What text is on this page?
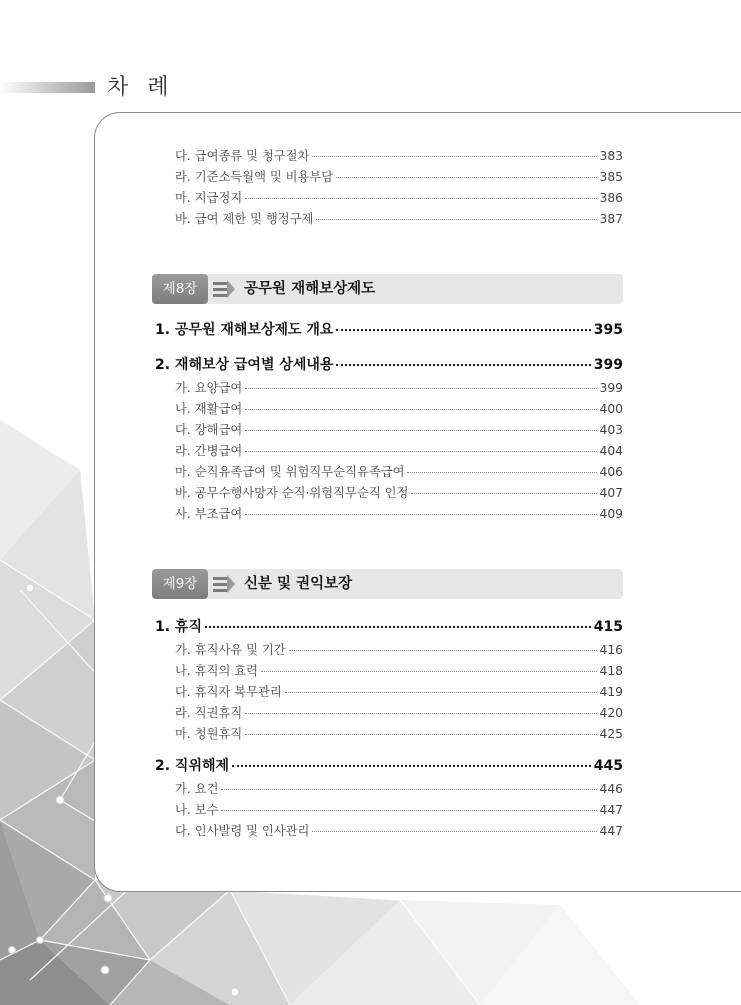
차 례
다. 급여종류 및 청구절차	383
라. 기준소득월액 및 비용부담	385
마. 지급정지	386
바. 급여 제한 및 행정구제	387
제8장	공무원 재해보상제도
1. 공무원 재해보상제도 개요	395
2. 재해보상 급여별 상세내용	399
가. 요양급여	399
나. 재활급여	400
다. 장해급여	403
라. 간병급여	404
마. 순직유족급여 및 위험직무순직유족급여	406
바. 공무수행사망자 순직·위험직무순직 인정	407
사. 부조급여	409
제9장	신분 및 권익보장
1. 휴직	415
가. 휴직사유 및 기간	416
나. 휴직의 효력	418
다. 휴직자 복무관리	419
라. 직권휴직	420
마. 청원휴직	425
2. 직위해제	445
가. 요건	446
나. 보수	447
다. 인사발령 및 인사관리	447
